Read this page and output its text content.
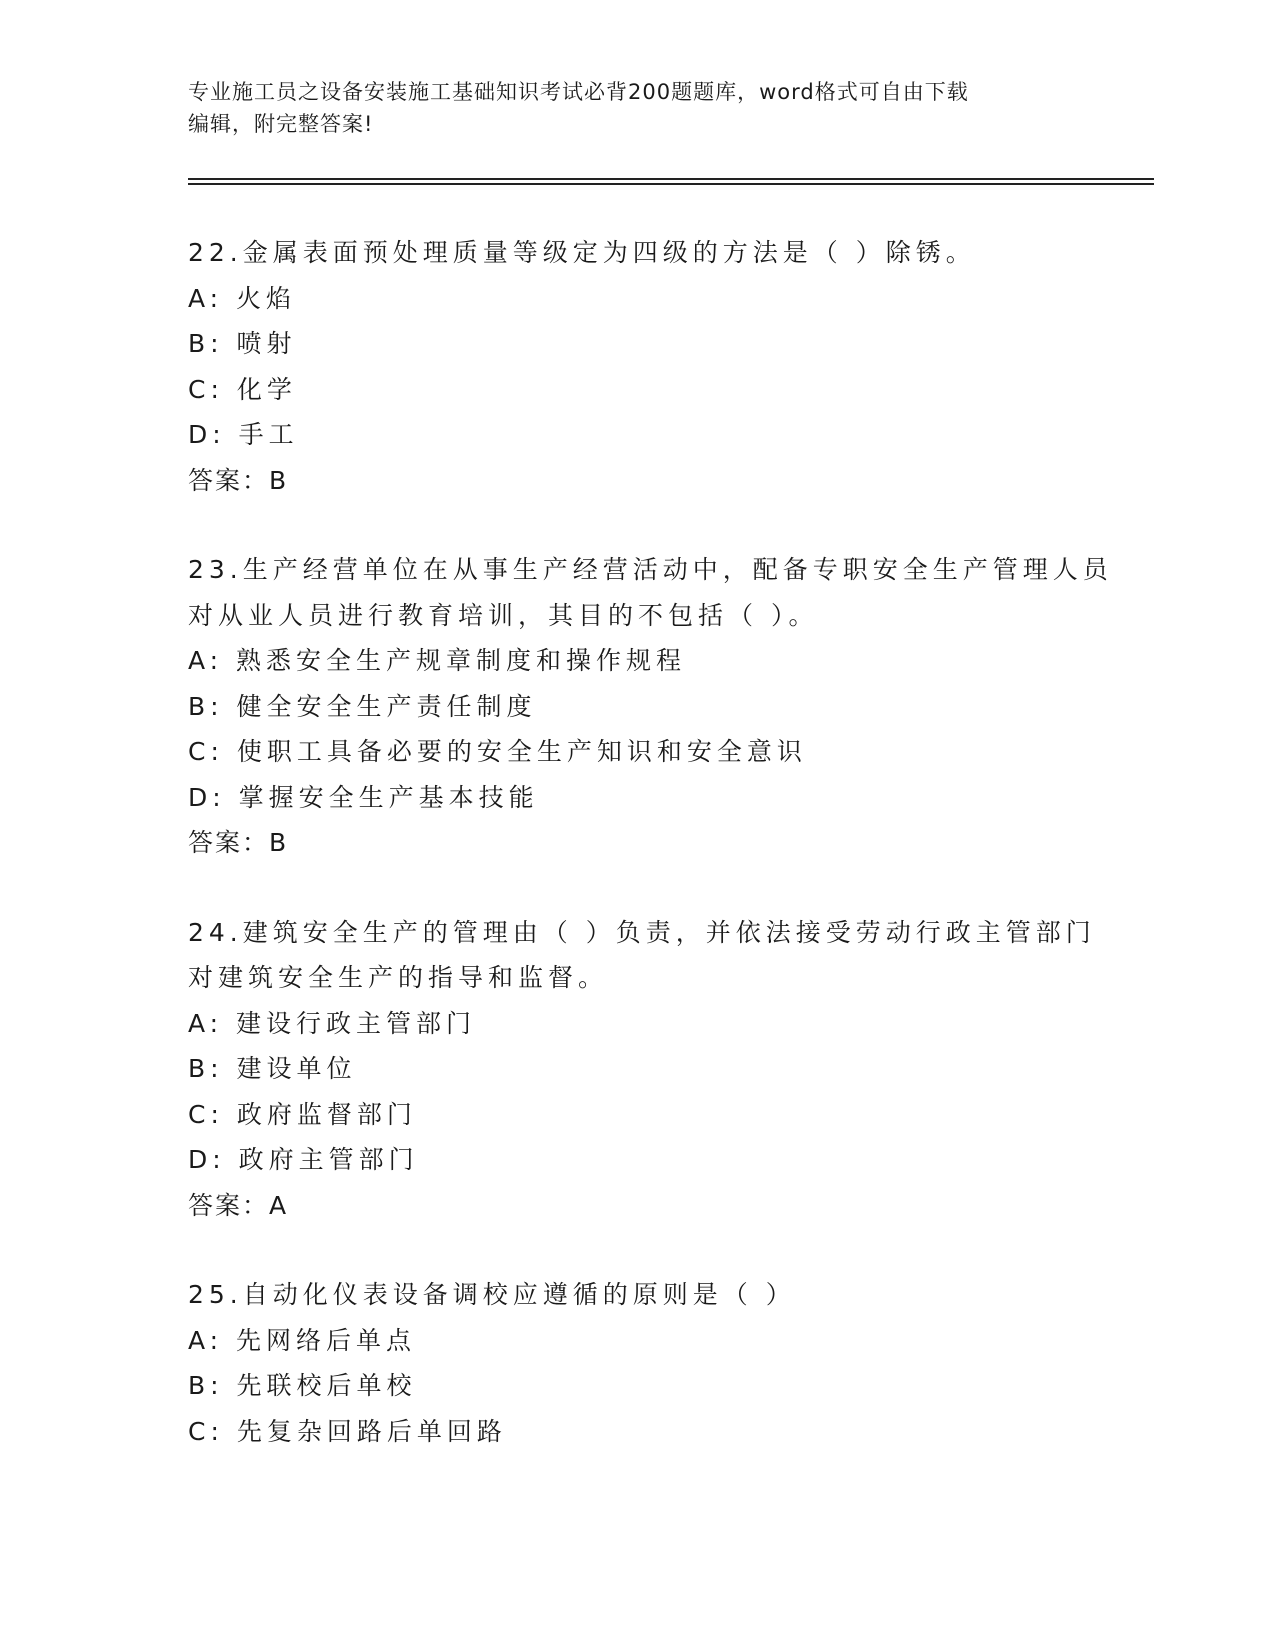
专业施工员之设备安装施工基础知识考试必背200题题库，word格式可自由下载
编辑，附完整答案!
22.金属表面预处理质量等级定为四级的方法是（ ）除锈。
A: 火焰
B: 喷射
C: 化学
D: 手工
答案：B
23.生产经营单位在从事生产经营活动中，配备专职安全生产管理人员
对从业人员进行教育培训，其目的不包括（ ）。
A: 熟悉安全生产规章制度和操作规程
B: 健全安全生产责任制度
C: 使职工具备必要的安全生产知识和安全意识
D: 掌握安全生产基本技能
答案：B
24.建筑安全生产的管理由（ ）负责，并依法接受劳动行政主管部门
对建筑安全生产的指导和监督。
A: 建设行政主管部门
B: 建设单位
C: 政府监督部门
D: 政府主管部门
答案：A
25.自动化仪表设备调校应遵循的原则是（ ）
A: 先网络后单点
B: 先联校后单校
C: 先复杂回路后单回路
